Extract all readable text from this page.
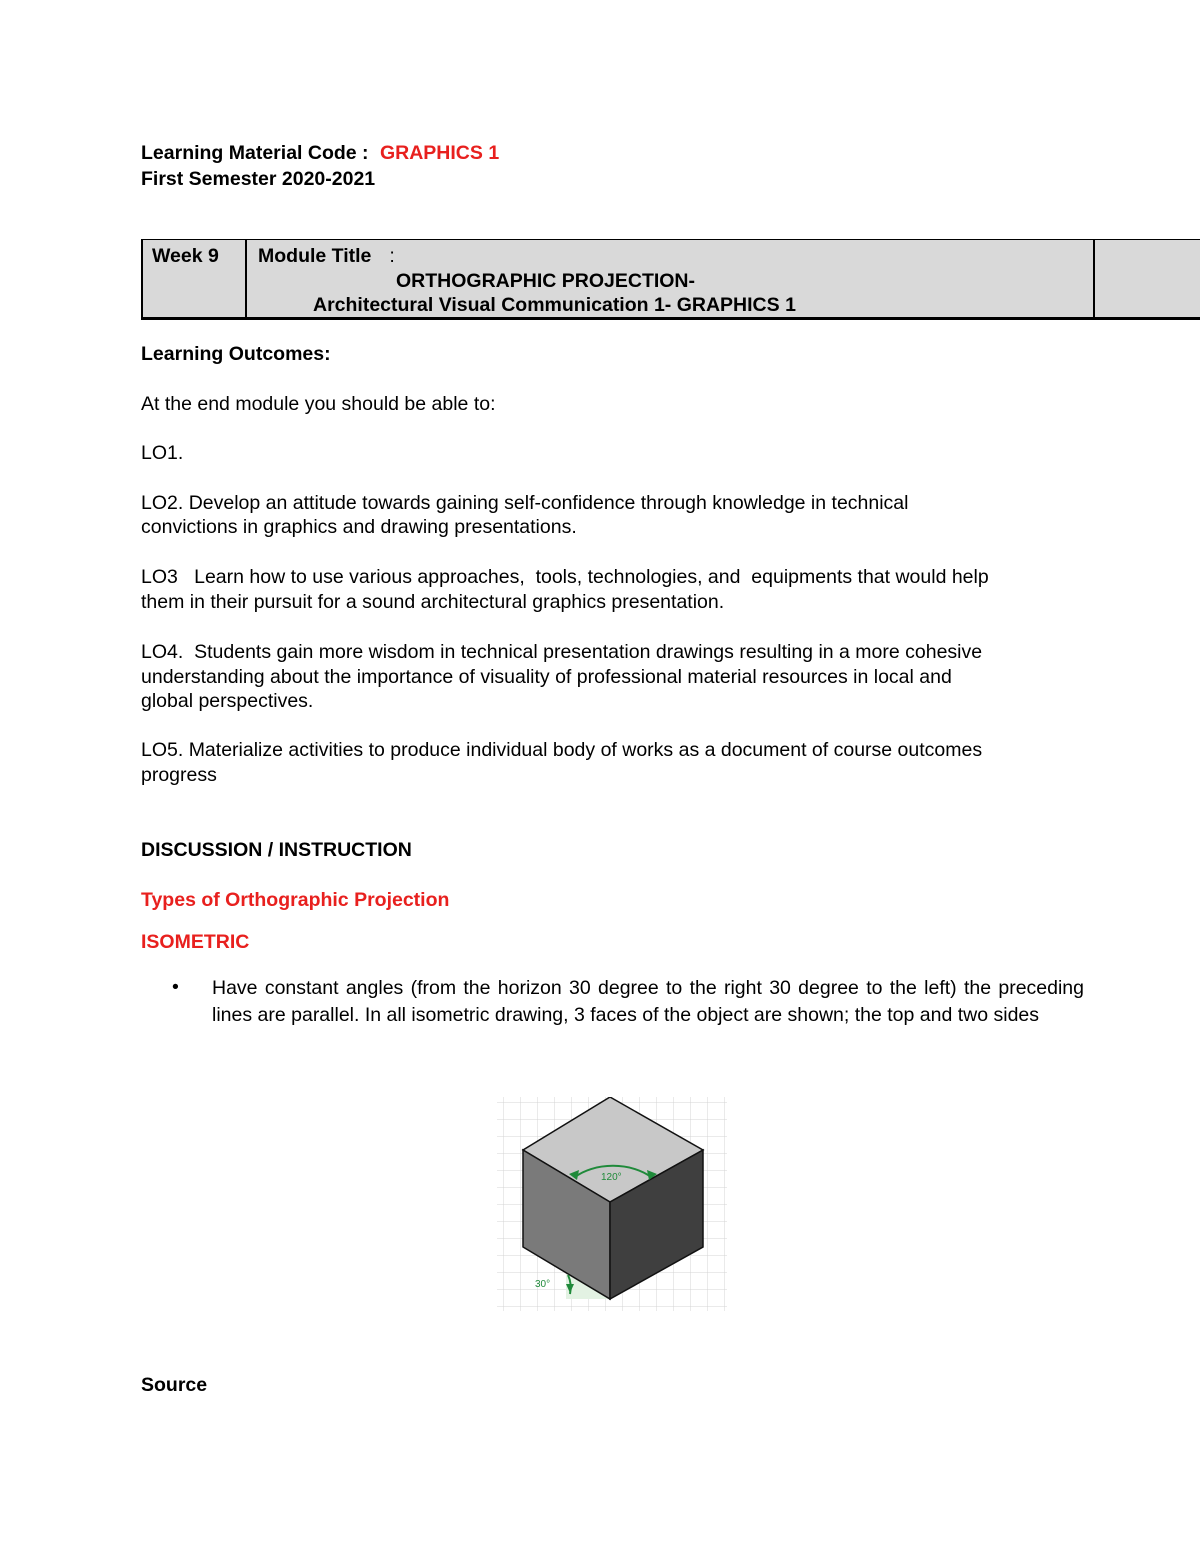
Learning Material Code : GRAPHICS 1
First Semester 2020-2021
Week 9 Module Title :
ORTHOGRAPHIC PROJECTION-
Architectural Visual Communication 1- GRAPHICS 1
Learning Outcomes:
At the end module you should be able to:
LO1.
LO2. Develop an attitude towards gaining self-confidence through knowledge in technical
convictions in graphics and drawing presentations.
LO3   Learn how to use various approaches,  tools, technologies, and  equipments that would help
them in their pursuit for a sound architectural graphics presentation.
LO4.  Students gain more wisdom in technical presentation drawings resulting in a more cohesive
understanding about the importance of visuality of professional material resources in local and
global perspectives.
LO5. Materialize activities to produce individual body of works as a document of course outcomes
progress
DISCUSSION / INSTRUCTION
Types of Orthographic Projection
ISOMETRIC
• Have constant angles (from the horizon 30 degree to the right 30 degree to the left) the preceding lines are parallel. In all isometric drawing, 3 faces of the object are shown; the top and two sides
120°
30°
Source
